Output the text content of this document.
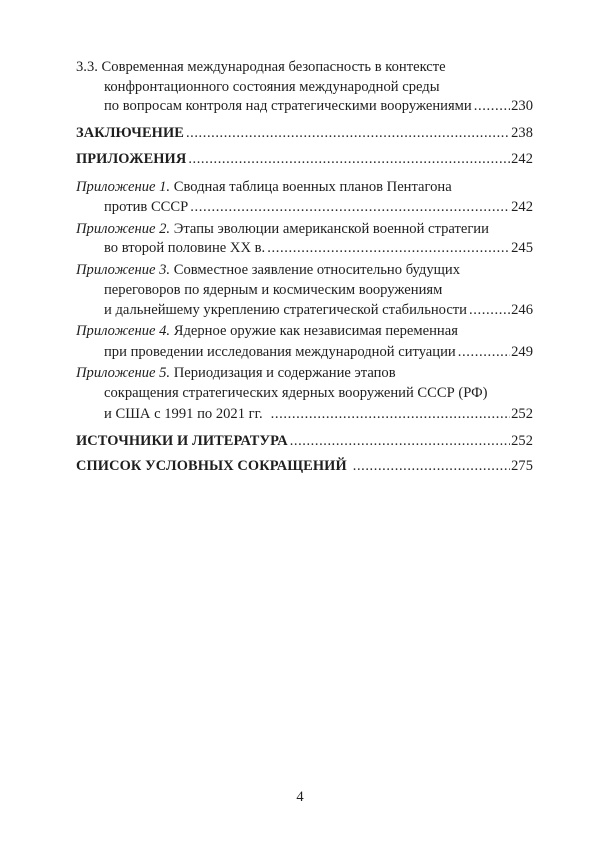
3.3.
Современная международная безопасность в контексте
конфронтационного состояния международной среды
по вопросам контроля над стратегическими вооружениями .....	230
ЗАКЛЮЧЕНИЕ .....	238
ПРИЛОЖЕНИЯ .....	242
Приложение 1. Сводная таблица военных планов Пентагона
против СССР .....	242
Приложение 2. Этапы эволюции американской военной стратегии
во второй половине XX в. .....	245
Приложение 3. Совместное заявление относительно будущих
переговоров по ядерным и космическим вооружениям
и дальнейшему укреплению стратегической стабильности .....	246
Приложение 4. Ядерное оружие как независимая переменная
при проведении исследования международной ситуации .....	249
Приложение 5. Периодизация и содержание этапов
сокращения стратегических ядерных вооружений СССР (РФ)
и США с 1991 по 2021 гг. .....	252
ИСТОЧНИКИ И ЛИТЕРАТУРА .....	252
СПИСОК УСЛОВНЫХ СОКРАЩЕНИЙ .....	275
4
